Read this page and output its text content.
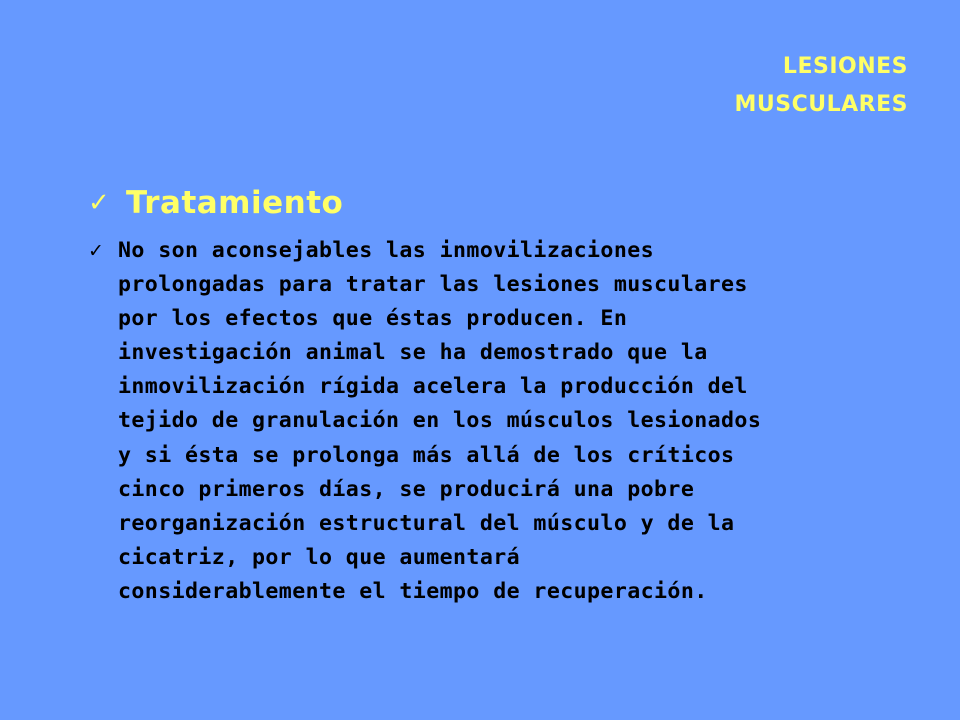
LESIONES
MUSCULARES
✓ Tratamiento
✓ No son aconsejables las inmovilizaciones
prolongadas para tratar las lesiones musculares
por los efectos que éstas producen. En
investigación animal se ha demostrado que la
inmovilización rígida acelera la producción del
tejido de granulación en los músculos lesionados
y si ésta se prolonga más allá de los críticos
cinco primeros días, se producirá una pobre
reorganización estructural del músculo y de la
cicatriz, por lo que aumentará
considerablemente el tiempo de recuperación.
